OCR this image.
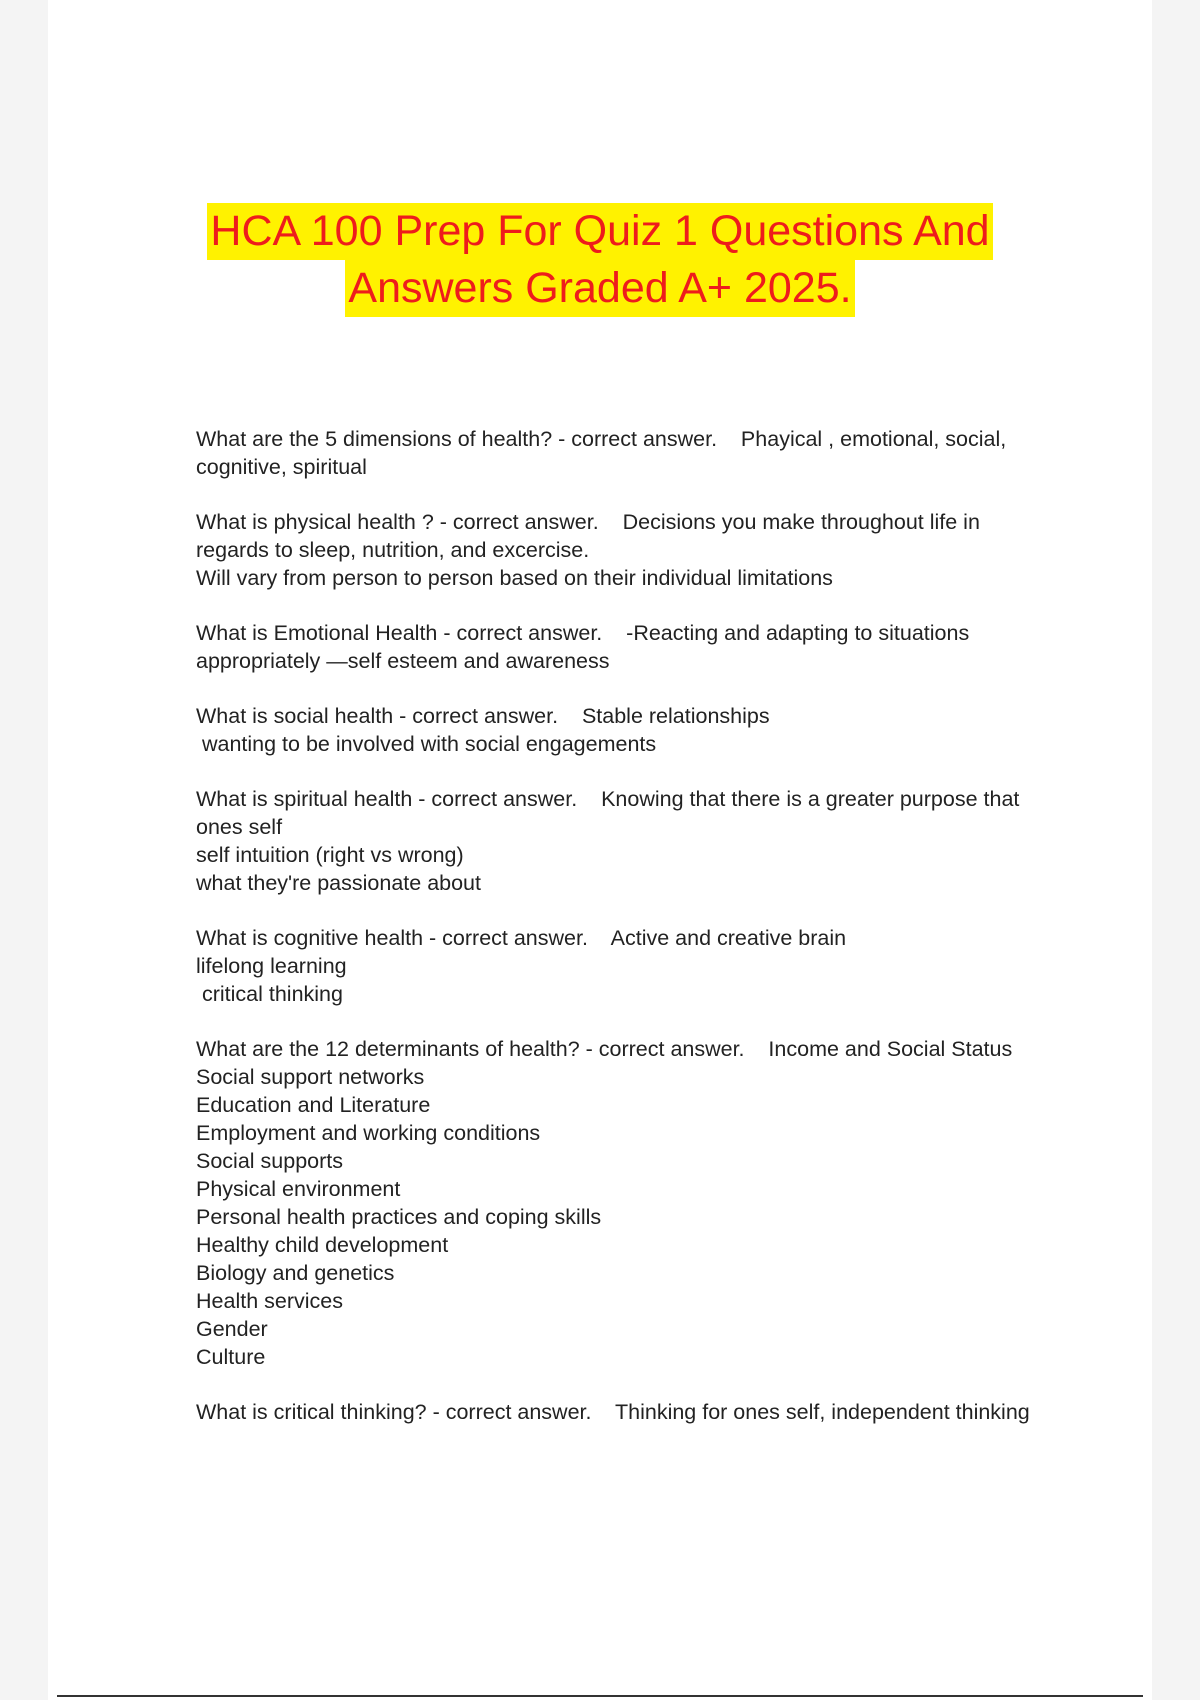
HCA 100 Prep For Quiz 1 Questions And
Answers Graded A+ 2025.
What are the 5 dimensions of health? - correct answer.    Phayical , emotional, social,
cognitive, spiritual
What is physical health ? - correct answer.    Decisions you make throughout life in
regards to sleep, nutrition, and excercise.
Will vary from person to person based on their individual limitations
What is Emotional Health - correct answer.    -Reacting and adapting to situations
appropriately —self esteem and awareness
What is social health - correct answer.    Stable relationships
wanting to be involved with social engagements
What is spiritual health - correct answer.    Knowing that there is a greater purpose that
ones self
self intuition (right vs wrong)
what they're passionate about
What is cognitive health - correct answer.    Active and creative brain
lifelong learning
critical thinking
What are the 12 determinants of health? - correct answer.    Income and Social Status
Social support networks
Education and Literature
Employment and working conditions
Social supports
Physical environment
Personal health practices and coping skills
Healthy child development
Biology and genetics
Health services
Gender
Culture
What is critical thinking? - correct answer.    Thinking for ones self, independent thinking
